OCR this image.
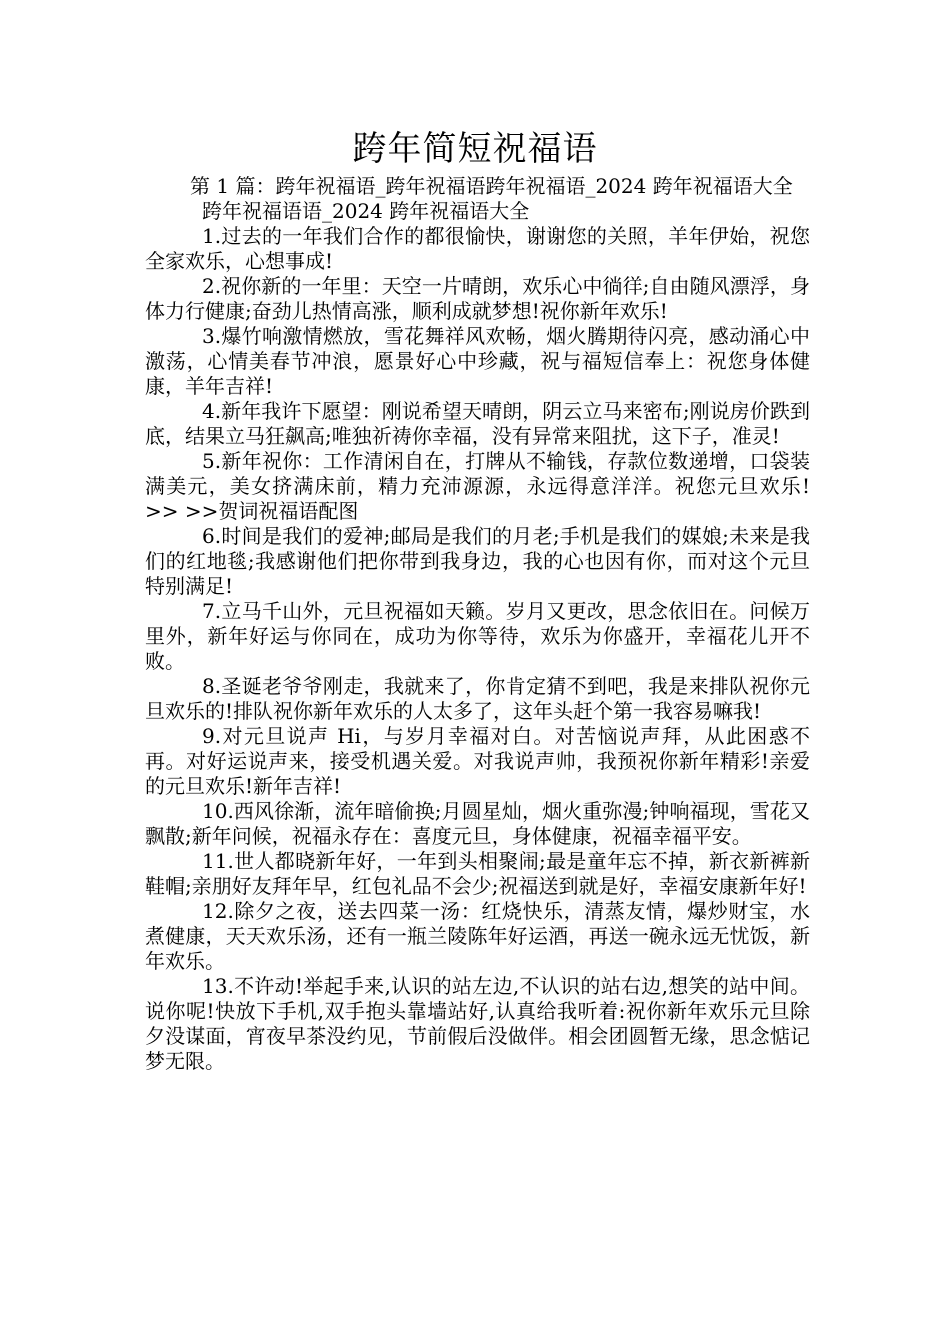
跨年简短祝福语

第 1 篇：跨年祝福语_跨年祝福语跨年祝福语_2024 跨年祝福语大全

跨年祝福语语_2024 跨年祝福语大全

1.过去的一年我们合作的都很愉快，谢谢您的关照，羊年伊始，祝您全家欢乐，心想事成!

2.祝你新的一年里：天空一片晴朗，欢乐心中徜徉;自由随风漂浮，身体力行健康;奋劲儿热情高涨，顺利成就梦想!祝你新年欢乐!

3.爆竹响激情燃放，雪花舞祥风欢畅，烟火腾期待闪亮，感动涌心中激荡，心情美春节冲浪，愿景好心中珍藏，祝与福短信奉上：祝您身体健康，羊年吉祥!

4.新年我许下愿望：刚说希望天晴朗，阴云立马来密布;刚说房价跌到底，结果立马狂飙高;唯独祈祷你幸福，没有异常来阻扰，这下子，准灵!

5.新年祝你：工作清闲自在，打牌从不输钱，存款位数递增，口袋装满美元，美女挤满床前，精力充沛源源，永远得意洋洋。祝您元旦欢乐! >> >>贺词祝福语配图

6.时间是我们的爱神;邮局是我们的月老;手机是我们的媒娘;未来是我们的红地毯;我感谢他们把你带到我身边，我的心也因有你，而对这个元旦特别满足!

7.立马千山外，元旦祝福如天籁。岁月又更改，思念依旧在。问候万里外，新年好运与你同在，成功为你等待，欢乐为你盛开，幸福花儿开不败。

8.圣诞老爷爷刚走，我就来了，你肯定猜不到吧，我是来排队祝你元旦欢乐的!排队祝你新年欢乐的人太多了，这年头赶个第一我容易嘛我!

9.对元旦说声 Hi，与岁月幸福对白。对苦恼说声拜，从此困惑不再。对好运说声来，接受机遇关爱。对我说声帅，我预祝你新年精彩!亲爱的元旦欢乐!新年吉祥!

10.西风徐渐，流年暗偷换;月圆星灿，烟火重弥漫;钟响福现，雪花又飘散;新年问候，祝福永存在：喜度元旦，身体健康，祝福幸福平安。

11.世人都晓新年好，一年到头相聚闹;最是童年忘不掉，新衣新裤新鞋帽;亲朋好友拜年早，红包礼品不会少;祝福送到就是好，幸福安康新年好!

12.除夕之夜，送去四菜一汤：红烧快乐，清蒸友情，爆炒财宝，水煮健康，天天欢乐汤，还有一瓶兰陵陈年好运酒，再送一碗永远无忧饭，新年欢乐。

13.不许动!举起手来,认识的站左边,不认识的站右边,想笑的站中间。说你呢!快放下手机,双手抱头靠墙站好,认真给我听着:祝你新年欢乐元旦除夕没谋面，宵夜早茶没约见，节前假后没做伴。相会团圆暂无缘，思念惦记梦无限。
